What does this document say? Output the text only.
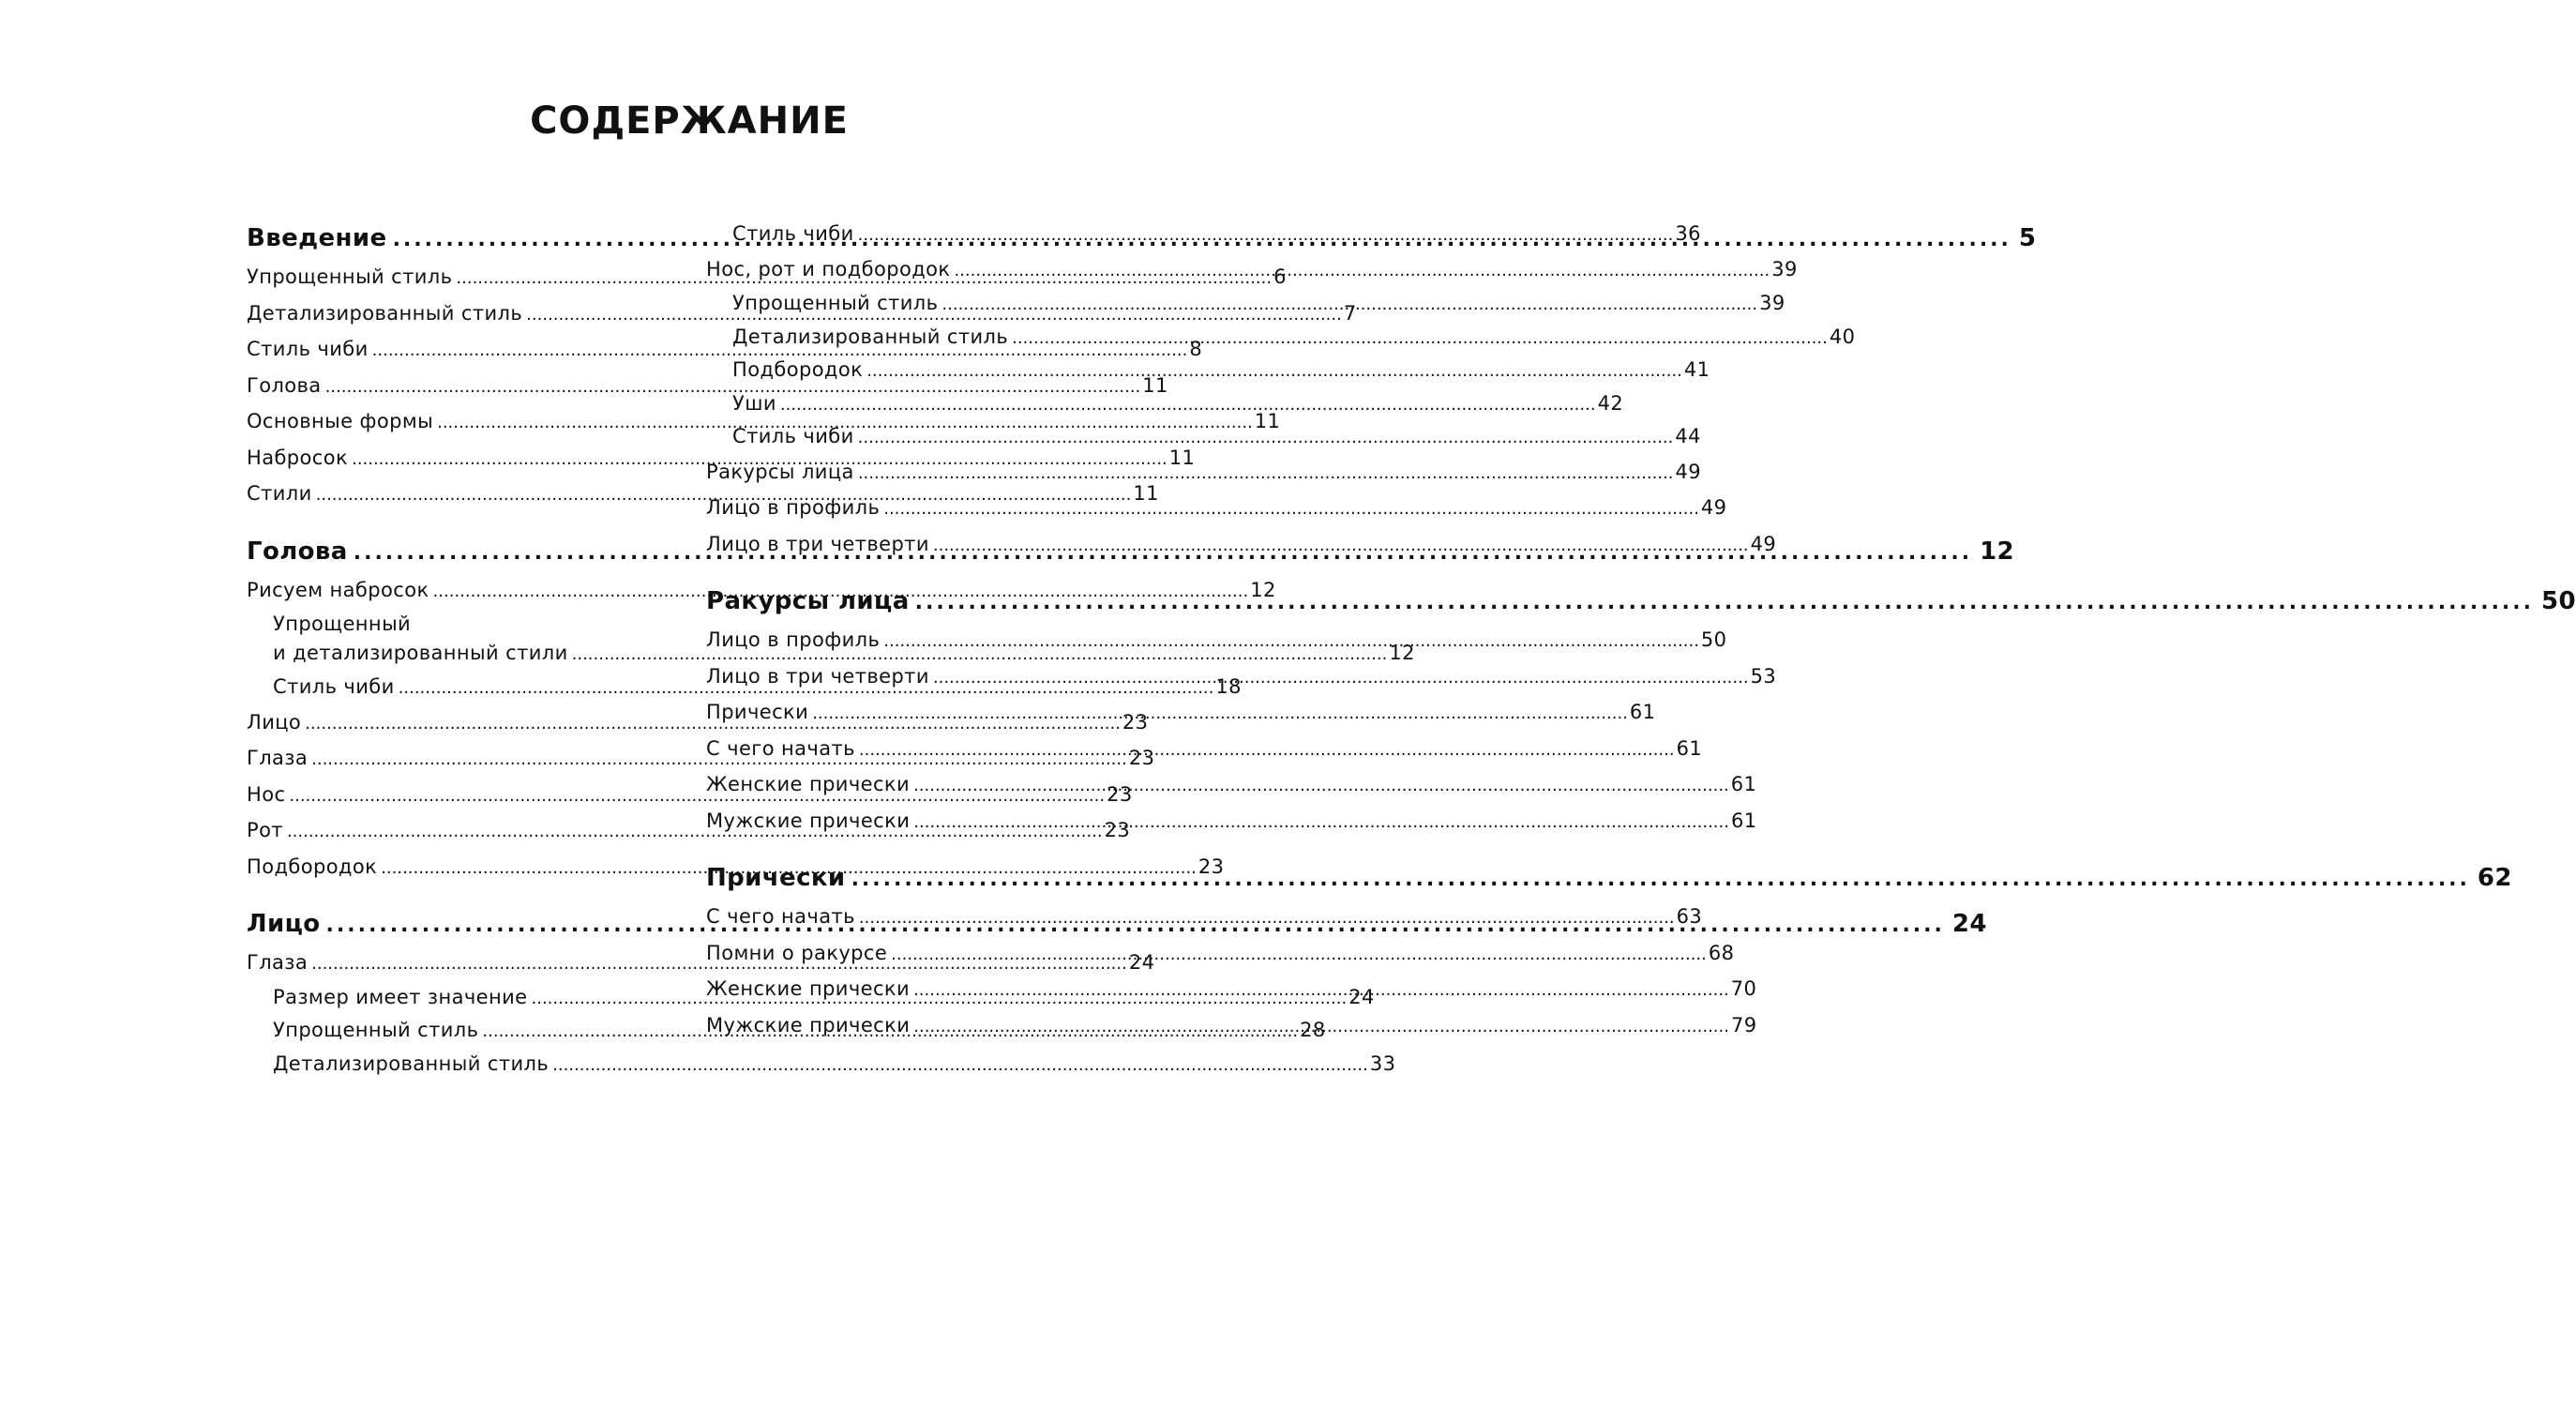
СОДЕРЖАНИЕ
Введение .....	5
Упрощенный стиль .....	6
Детализированный стиль .....	7
Стиль чиби .....	8
Голова .....	11
Основные формы .....	11
Набросок .....	11
Стили .....	11
Голова .....	12
Рисуем набросок .....	12
Упрощенный
и детализированный стили .....	12
Стиль чиби .....	18
Лицо .....	23
Глаза .....	23
Нос .....	23
Рот .....	23
Подбородок .....	23
Лицо .....	24
Глаза .....	24
Размер имеет значение .....	24
Упрощенный стиль .....	28
Детализированный стиль .....	33
Стиль чиби .....	36
Нос, рот и подбородок .....	39
Упрощенный стиль .....	39
Детализированный стиль .....	40
Подбородок .....	41
Уши .....	42
Стиль чиби .....	44
Ракурсы лица .....	49
Лицо в профиль .....	49
Лицо в три четверти .....	49
Ракурсы лица .....	50
Лицо в профиль .....	50
Лицо в три четверти .....	53
Прически .....	61
С чего начать .....	61
Женские прически .....	61
Мужские прически .....	61
Прически .....	62
С чего начать .....	63
Помни о ракурсе .....	68
Женские прически .....	70
Мужские прически .....	79
